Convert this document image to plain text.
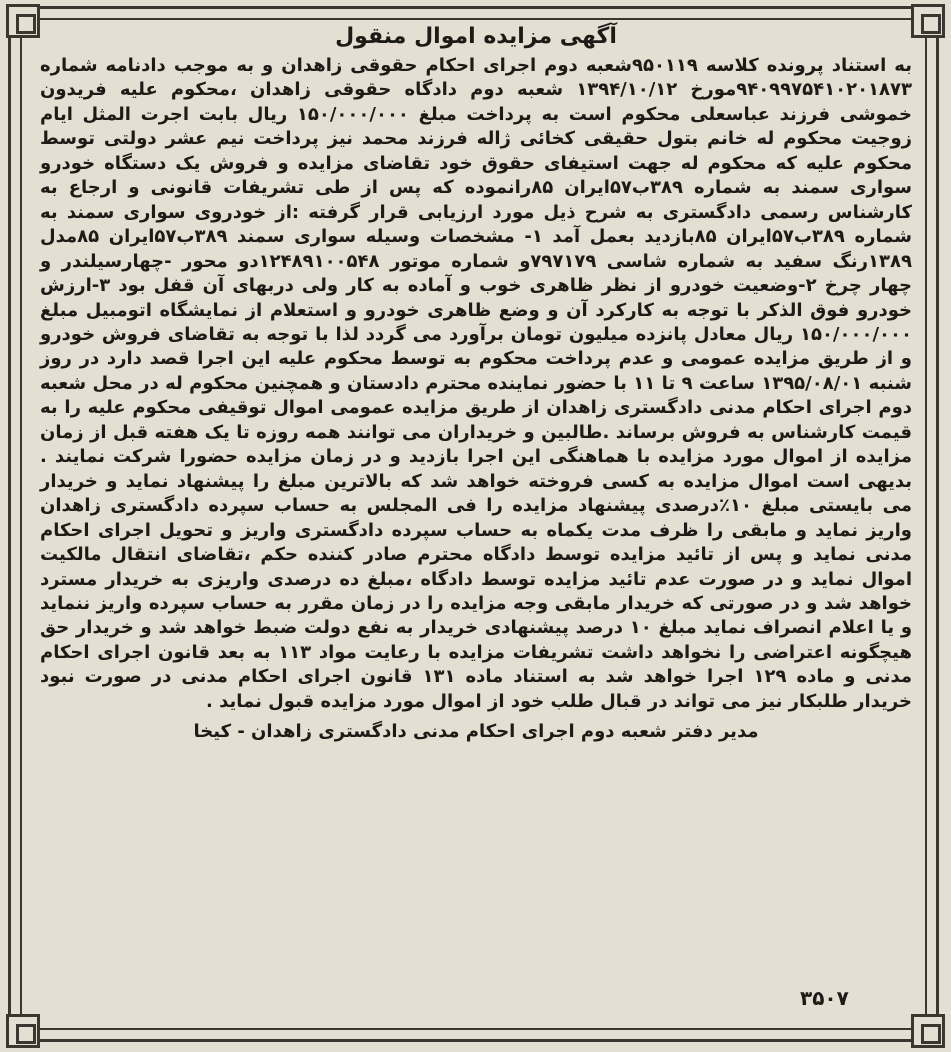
آگهی مزایده اموال منقول

به استناد پرونده کلاسه ۹۵۰۱۱۹شعبه دوم اجرای احکام حقوقی زاهدان و به موجب دادنامه شماره ۹۴۰۹۹۷۵۴۱۰۲۰۱۸۷۳مورخ ۱۳۹۴/۱۰/۱۲ شعبه دوم دادگاه حقوقی زاهدان ،محکوم علیه فریدون خموشی فرزند عباسعلی محکوم است به پرداخت مبلغ ۱۵۰/۰۰۰/۰۰۰ ریال بابت اجرت المثل ایام زوجیت محکوم له خانم بتول حقیقی کخائی ژاله فرزند محمد نیز پرداخت نیم عشر دولتی توسط محکوم علیه که محکوم له جهت استیفای حقوق خود تقاضای مزایده و فروش یک دستگاه خودرو سواری سمند به شماره ۳۸۹ب۵۷ایران ۸۵رانموده که پس از طی تشریفات قانونی و ارجاع به کارشناس رسمی دادگستری به شرح ذیل مورد ارزیابی قرار گرفته :از خودروی سواری سمند به شماره ۳۸۹ب۵۷ایران ۸۵بازدید بعمل آمد ۱- مشخصات وسیله سواری سمند ۳۸۹ب۵۷ایران ۸۵مدل ۱۳۸۹رنگ سفید به شماره شاسی ۷۹۷۱۷۹و شماره موتور ۱۲۴۸۹۱۰۰۵۴۸دو محور -چهارسیلندر و چهار چرخ ۲-وضعیت خودرو از نظر ظاهری خوب و آماده به کار ولی دربهای آن قفل بود ۳-ارزش خودرو فوق الذکر با توجه به کارکرد آن و وضع ظاهری خودرو و استعلام از نمایشگاه اتومبیل مبلغ ۱۵۰/۰۰۰/۰۰۰ ریال معادل پانزده میلیون تومان برآورد می گردد لذا با توجه به تقاضای فروش خودرو و از طریق مزایده عمومی و عدم پرداخت محکوم به توسط محکوم علیه این اجرا قصد دارد در روز شنبه ۱۳۹۵/۰۸/۰۱ ساعت ۹ تا ۱۱ با حضور نماینده محترم دادستان و همچنین محکوم له در محل شعبه دوم اجرای احکام مدنی دادگستری زاهدان از طریق مزایده عمومی اموال توقیفی محکوم علیه را به قیمت کارشناس به فروش برساند .طالبین و خریداران می توانند همه روزه تا یک هفته قبل از زمان مزایده از اموال مورد مزایده با هماهنگی این اجرا بازدید و در زمان مزایده حضورا شرکت نمایند . بدیهی است اموال مزایده به کسی فروخته خواهد شد که بالاترین مبلغ را پیشنهاد نماید و خریدار می بایستی مبلغ ۱۰٪درصدی پیشنهاد مزایده را فی المجلس به حساب سپرده دادگستری زاهدان واریز نماید و مابقی را ظرف مدت یکماه به حساب سپرده دادگستری واریز و تحویل اجرای احکام مدنی نماید و پس از تائید مزایده توسط دادگاه محترم صادر کننده حکم ،تقاضای انتقال مالکیت اموال نماید و در صورت عدم تائید مزایده توسط دادگاه ،مبلغ ده درصدی واریزی به خریدار مسترد خواهد شد و در صورتی که خریدار مابقی وجه مزایده را در زمان مقرر به حساب سپرده واریز ننماید و یا اعلام انصراف نماید مبلغ ۱۰ درصد پیشنهادی خریدار به نفع دولت ضبط خواهد شد و خریدار حق هیچگونه اعتراضی را نخواهد داشت تشریفات مزایده با رعایت مواد ۱۱۳ به بعد قانون اجرای احکام مدنی و ماده ۱۲۹ اجرا خواهد شد به استناد ماده ۱۳۱ قانون اجرای احکام مدنی در صورت نبود خریدار طلبکار نیز می تواند در قبال طلب خود از اموال مورد مزایده قبول نماید .

مدیر دفتر شعبه دوم اجرای احکام مدنی دادگستری زاهدان - کیخا

۳۵۰۷
